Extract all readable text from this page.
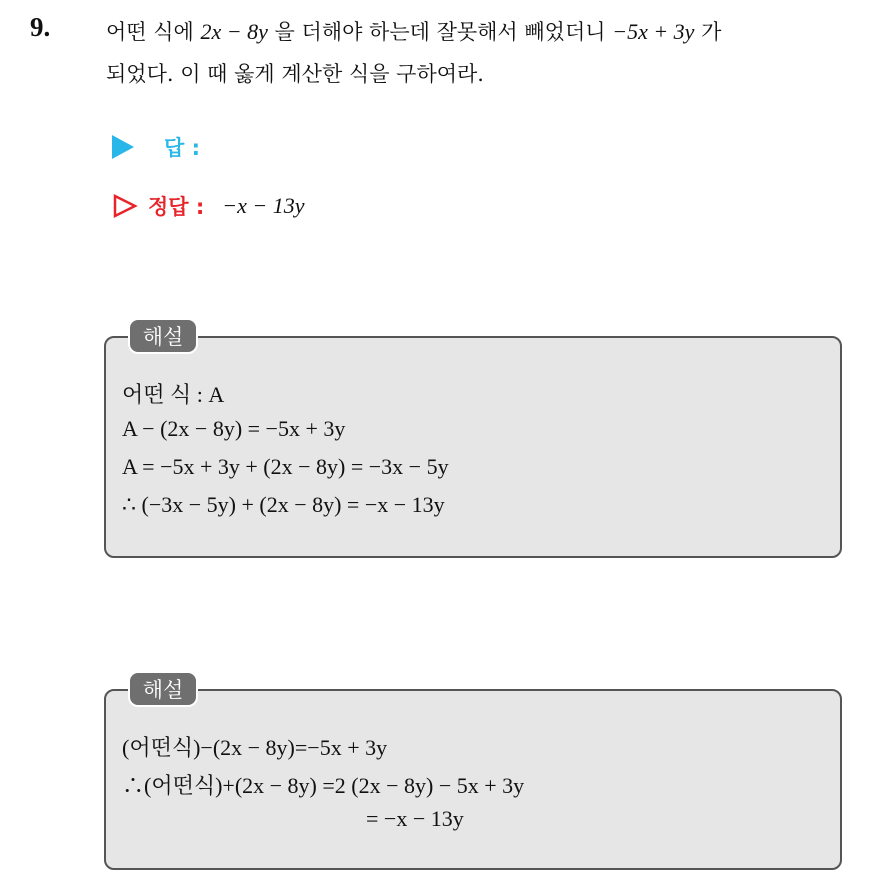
9.	어떤 식에 2x − 8y 을 더해야 하는데 잘못해서 빼었더니 −5x + 3y 가
되었다. 이 때 옳게 계산한 식을 구하여라.
답 :
정답 : −x − 13y
해설
어떤 식 : A
A − (2x − 8y) = −5x + 3y
A = −5x + 3y + (2x − 8y) = −3x − 5y
∴ (−3x − 5y) + (2x − 8y) = −x − 13y
해설
(어떤식)−(2x − 8y)=−5x + 3y
∴(어떤식)+(2x − 8y) =2 (2x − 8y) − 5x + 3y
= −x − 13y
